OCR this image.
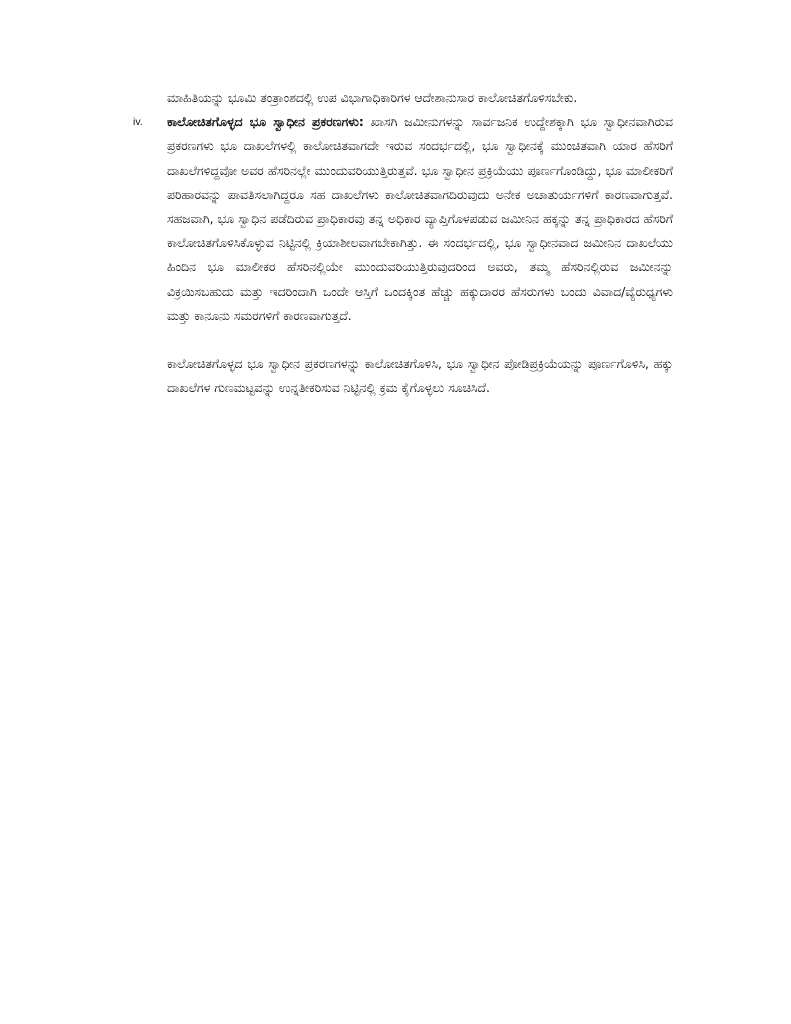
ಮಾಹಿತಿಯನ್ನು ಭೂಮಿ ತಂತ್ರಾಂಶದಲ್ಲಿ ಉಪ ವಿಭಾಗಾಧಿಕಾರಿಗಳ ಆದೇಶಾನುಸಾರ ಕಾಲೋಚಿತಗೊಳಿಸಬೇಕು.

iv.	ಕಾಲೋಚಿತಗೊಳ್ಳದ ಭೂ ಸ್ವಾಧೀನ ಪ್ರಕರಣಗಳು: ಖಾಸಗಿ ಜಮೀನುಗಳನ್ನು ಸಾರ್ವಜನಿಕ ಉದ್ದೇಶಕ್ಕಾಗಿ ಭೂ ಸ್ವಾಧೀನವಾಗಿರುವ ಪ್ರಕರಣಗಳು ಭೂ ದಾಖಲೆಗಳಲ್ಲಿ ಕಾಲೋಚಿತವಾಗದೇ ಇರುವ ಸಂದರ್ಭದಲ್ಲಿ, ಭೂ ಸ್ವಾಧೀನಕ್ಕೆ ಮುಂಚಿತವಾಗಿ ಯಾರ ಹೆಸರಿಗೆ ದಾಖಲೆಗಳಿದ್ದವೋ ಅವರ ಹೆಸರಿನಲ್ಲೇ ಮುಂದುವರಿಯುತ್ತಿರುತ್ತವೆ. ಭೂ ಸ್ವಾಧೀನ ಪ್ರಕ್ರಿಯೆಯು ಪೂರ್ಣಗೊಂಡಿದ್ದು, ಭೂ ಮಾಲೀಕರಿಗೆ ಪರಿಹಾರವನ್ನು ಪಾವತಿಸಲಾಗಿದ್ದರೂ ಸಹ ದಾಖಲೆಗಳು ಕಾಲೋಚಿತವಾಗದಿರುವುದು ಅನೇಕ ಅಚಾತುರ್ಯಗಳಿಗೆ ಕಾರಣವಾಗುತ್ತವೆ. ಸಹಜವಾಗಿ, ಭೂ ಸ್ವಾಧಿನ ಪಡೆದಿರುವ ಪ್ರಾಧಿಕಾರವು ತನ್ನ ಅಧಿಕಾರ ವ್ಯಾಪ್ತಿಗೊಳಪಡುವ ಜಮೀನಿನ ಹಕ್ಕನ್ನು ತನ್ನ ಪ್ರಾಧಿಕಾರದ ಹೆಸರಿಗೆ ಕಾಲೋಚಿತಗೊಳಿಸಿಕೊಳ್ಳುವ ನಿಟ್ಟಿನಲ್ಲಿ ಕ್ರಿಯಾಶೀಲವಾಗಬೇಕಾಗಿತ್ತು. ಈ ಸಂದರ್ಭದಲ್ಲಿ, ಭೂ ಸ್ವಾಧೀನವಾದ ಜಮೀನಿನ ದಾಖಲೆಯು ಹಿಂದಿನ ಭೂ ಮಾಲೀಕರ ಹೆಸರಿನಲ್ಲಿಯೇ ಮುಂದುವರಿಯುತ್ತಿರುವುದರಿಂದ ಅವರು, ತಮ್ಮ ಹೆಸರಿನಲ್ಲಿರುವ ಜಮೀನನ್ನು ವಿಕ್ರಯಿಸಬಹುದು ಮತ್ತು ಇದರಿಂದಾಗಿ ಒಂದೇ ಆಸ್ತಿಗೆ ಒಂದಕ್ಕಿಂತ ಹೆಚ್ಚು ಹಕ್ಕುದಾರರ ಹೆಸರುಗಳು ಬಂದು ವಿವಾದ/ವ್ಯೆರುಧ್ಯಗಳು ಮತ್ತು ಕಾನೂನು ಸಮರಗಳಿಗೆ ಕಾರಣವಾಗುತ್ತದೆ.

ಕಾಲೋಚಿತಗೊಳ್ಳದ ಭೂ ಸ್ವಾಧೀನ ಪ್ರಕರಣಗಳನ್ನು ಕಾಲೋಚಿತಗೊಳಿಸಿ, ಭೂ ಸ್ವಾಧೀನ ಪೋಡಿಪ್ರಕ್ರಿಯೆಯನ್ನು ಪೂರ್ಣಗೊಳಿಸಿ, ಹಕ್ಕು ದಾಖಲೆಗಳ ಗುಣಮಟ್ಟವನ್ನು ಉನ್ನತೀಕರಿಸುವ ನಿಟ್ಟಿನಲ್ಲಿ ಕ್ರಮ ಕೈಗೊಳ್ಳಲು ಸೂಚಿಸಿದೆ.
